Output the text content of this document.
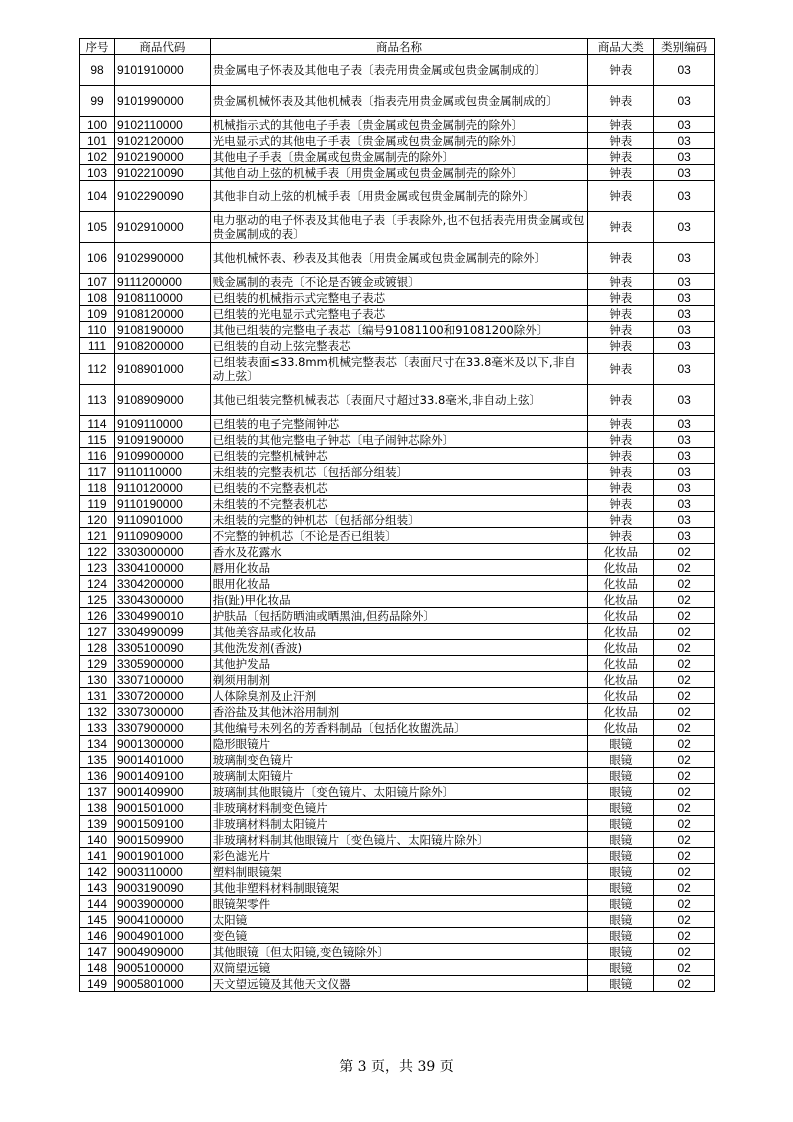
序号	商品代码	商品名称	商品大类	类别编码
98	9101910000	贵金属电子怀表及其他电子表〔表壳用贵金属或包贵金属制成的〕	钟表	03
99	9101990000	贵金属机械怀表及其他机械表〔指表壳用贵金属或包贵金属制成的〕	钟表	03
100	9102110000	机械指示式的其他电子手表〔贵金属或包贵金属制壳的除外〕	钟表	03
101	9102120000	光电显示式的其他电子手表〔贵金属或包贵金属制壳的除外〕	钟表	03
102	9102190000	其他电子手表〔贵金属或包贵金属制壳的除外〕	钟表	03
103	9102210090	其他自动上弦的机械手表〔用贵金属或包贵金属制壳的除外〕	钟表	03
104	9102290090	其他非自动上弦的机械手表〔用贵金属或包贵金属制壳的除外〕	钟表	03
105	9102910000	电力驱动的电子怀表及其他电子表〔手表除外,也不包括表壳用贵金属或包贵金属制成的表〕	钟表	03
106	9102990000	其他机械怀表、秒表及其他表〔用贵金属或包贵金属制壳的除外〕	钟表	03
107	9111200000	贱金属制的表壳〔不论是否镀金或镀银〕	钟表	03
108	9108110000	已组装的机械指示式完整电子表芯	钟表	03
109	9108120000	已组装的光电显示式完整电子表芯	钟表	03
110	9108190000	其他已组装的完整电子表芯〔编号91081100和91081200除外〕	钟表	03
111	9108200000	已组装的自动上弦完整表芯	钟表	03
112	9108901000	已组装表面≤33.8mm机械完整表芯〔表面尺寸在33.8毫米及以下,非自动上弦〕	钟表	03
113	9108909000	其他已组装完整机械表芯〔表面尺寸超过33.8毫米,非自动上弦〕	钟表	03
114	9109110000	已组装的电子完整闹钟芯	钟表	03
115	9109190000	已组装的其他完整电子钟芯〔电子闹钟芯除外〕	钟表	03
116	9109900000	已组装的完整机械钟芯	钟表	03
117	9110110000	未组装的完整表机芯〔包括部分组装〕	钟表	03
118	9110120000	已组装的不完整表机芯	钟表	03
119	9110190000	未组装的不完整表机芯	钟表	03
120	9110901000	未组装的完整的钟机芯〔包括部分组装〕	钟表	03
121	9110909000	不完整的钟机芯〔不论是否已组装〕	钟表	03
122	3303000000	香水及花露水	化妆品	02
123	3304100000	唇用化妆品	化妆品	02
124	3304200000	眼用化妆品	化妆品	02
125	3304300000	指(趾)甲化妆品	化妆品	02
126	3304990010	护肤品〔包括防晒油或晒黑油,但药品除外〕	化妆品	02
127	3304990099	其他美容品或化妆品	化妆品	02
128	3305100090	其他洗发剂(香波)	化妆品	02
129	3305900000	其他护发品	化妆品	02
130	3307100000	剃须用制剂	化妆品	02
131	3307200000	人体除臭剂及止汗剂	化妆品	02
132	3307300000	香浴盐及其他沐浴用制剂	化妆品	02
133	3307900000	其他编号未列名的芳香料制品〔包括化妆盥洗品〕	化妆品	02
134	9001300000	隐形眼镜片	眼镜	02
135	9001401000	玻璃制变色镜片	眼镜	02
136	9001409100	玻璃制太阳镜片	眼镜	02
137	9001409900	玻璃制其他眼镜片〔变色镜片、太阳镜片除外〕	眼镜	02
138	9001501000	非玻璃材料制变色镜片	眼镜	02
139	9001509100	非玻璃材料制太阳镜片	眼镜	02
140	9001509900	非玻璃材料制其他眼镜片〔变色镜片、太阳镜片除外〕	眼镜	02
141	9001901000	彩色滤光片	眼镜	02
142	9003110000	塑料制眼镜架	眼镜	02
143	9003190090	其他非塑料材料制眼镜架	眼镜	02
144	9003900000	眼镜架零件	眼镜	02
145	9004100000	太阳镜	眼镜	02
146	9004901000	变色镜	眼镜	02
147	9004909000	其他眼镜〔但太阳镜,变色镜除外〕	眼镜	02
148	9005100000	双筒望远镜	眼镜	02
149	9005801000	天文望远镜及其他天文仪器	眼镜	02
第 3 页，共 39 页
